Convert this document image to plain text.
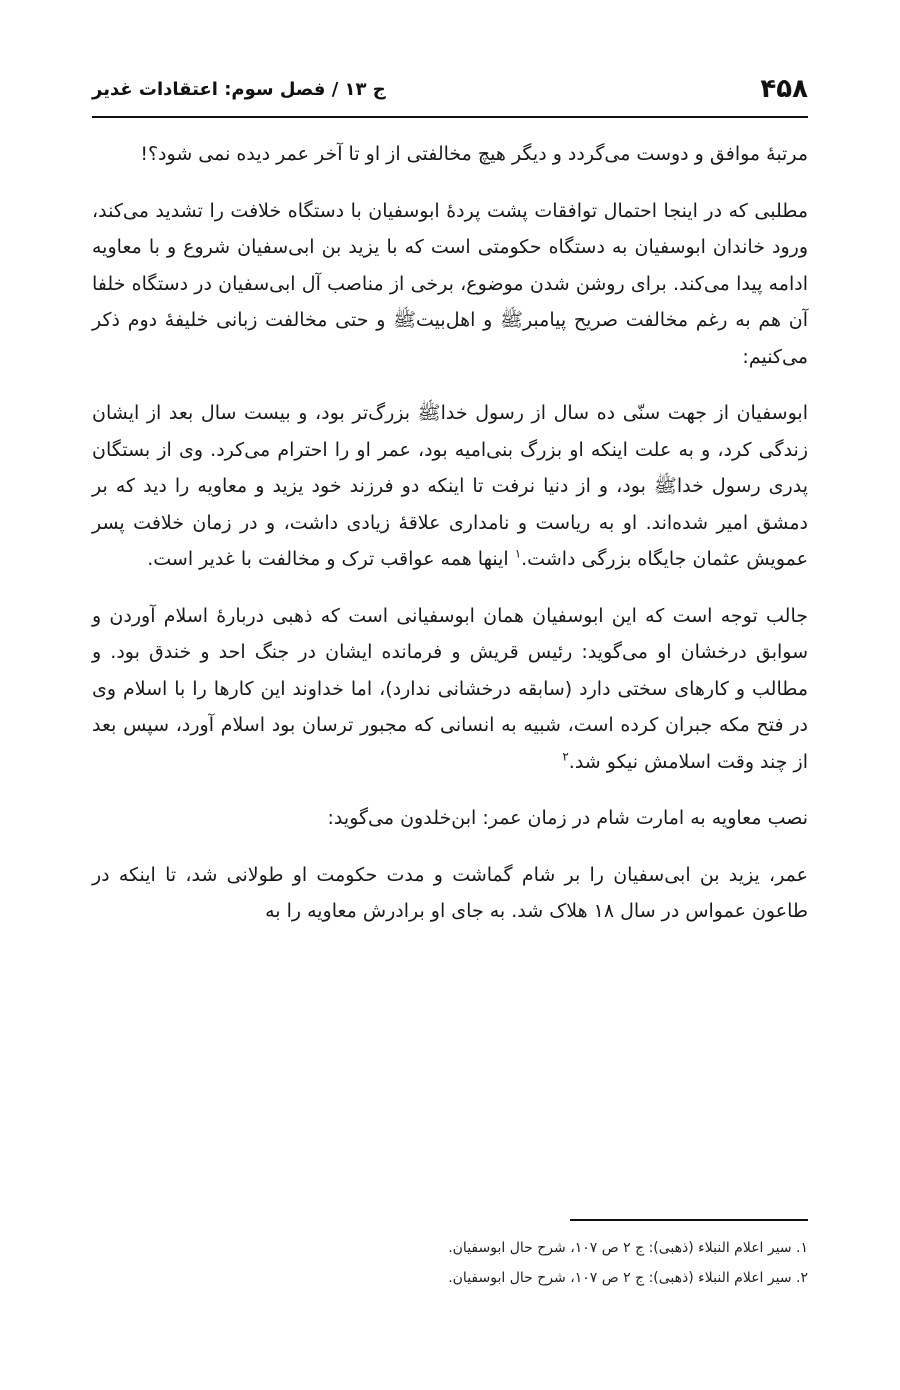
۴۵۸
ج ۱۳ / فصل سوم: اعتقادات غدیر

مرتبۀ موافق و دوست می‌گردد و دیگر هیچ مخالفتی از او تا آخر عمر دیده نمی شود؟!

مطلبی که در اینجا احتمال توافقات پشت پردۀ ابوسفیان با دستگاه خلافت را تشدید می‌کند، ورود خاندان ابوسفیان به دستگاه حکومتی است که با یزید بن ابی‌سفیان شروع و با معاویه ادامه پیدا می‌کند. برای روشن شدن موضوع، برخی از مناصب آل ابی‌سفیان در دستگاه خلفا آن هم به رغم مخالفت صریح پیامبرﷺ و اهل‌بیتﷺ و حتی مخالفت زبانی خلیفۀ دوم ذکر می‌کنیم:

ابوسفیان از جهت سنّی ده سال از رسول خداﷺ بزرگ‌تر بود، و بیست سال بعد از ایشان زندگی کرد، و به علت اینکه او بزرگ بنی‌امیه بود، عمر او را احترام می‌کرد. وی از بستگان پدری رسول خداﷺ بود، و از دنیا نرفت تا اینکه دو فرزند خود یزید و معاویه را دید که بر دمشق امیر شده‌اند. او به ریاست و نامداری علاقۀ زیادی داشت، و در زمان خلافت پسر عمویش عثمان جایگاه بزرگی داشت.$^۱$ اینها همه عواقب ترک و مخالفت با غدیر است.

جالب توجه است که این ابوسفیان همان ابوسفیانی است که ذهبی دربارۀ اسلام آوردن و سوابق درخشان او می‌گوید: رئیس قریش و فرمانده ایشان در جنگ احد و خندق بود. و مطالب و کارهای سختی دارد (سابقه درخشانی ندارد)، اما خداوند این کارها را با اسلام وی در فتح مکه جبران کرده است، شبیه به انسانی که مجبور ترسان بود اسلام آورد، سپس بعد از چند وقت اسلامش نیکو شد.$^۲$

نصب معاویه به امارت شام در زمان عمر: ابن‌خلدون می‌گوید:

عمر، یزید بن ابی‌سفیان را بر شام گماشت و مدت حکومت او طولانی شد، تا اینکه در طاعون عمواس در سال ۱۸ هلاک شد. به جای او برادرش معاویه را به

۱. سیر اعلام النبلاء (ذهبی): ج ۲ ص ۱۰۷، شرح حال ابوسفیان.

۲. سیر اعلام النبلاء (ذهبی): ج ۲ ص ۱۰۷، شرح حال ابوسفیان.
